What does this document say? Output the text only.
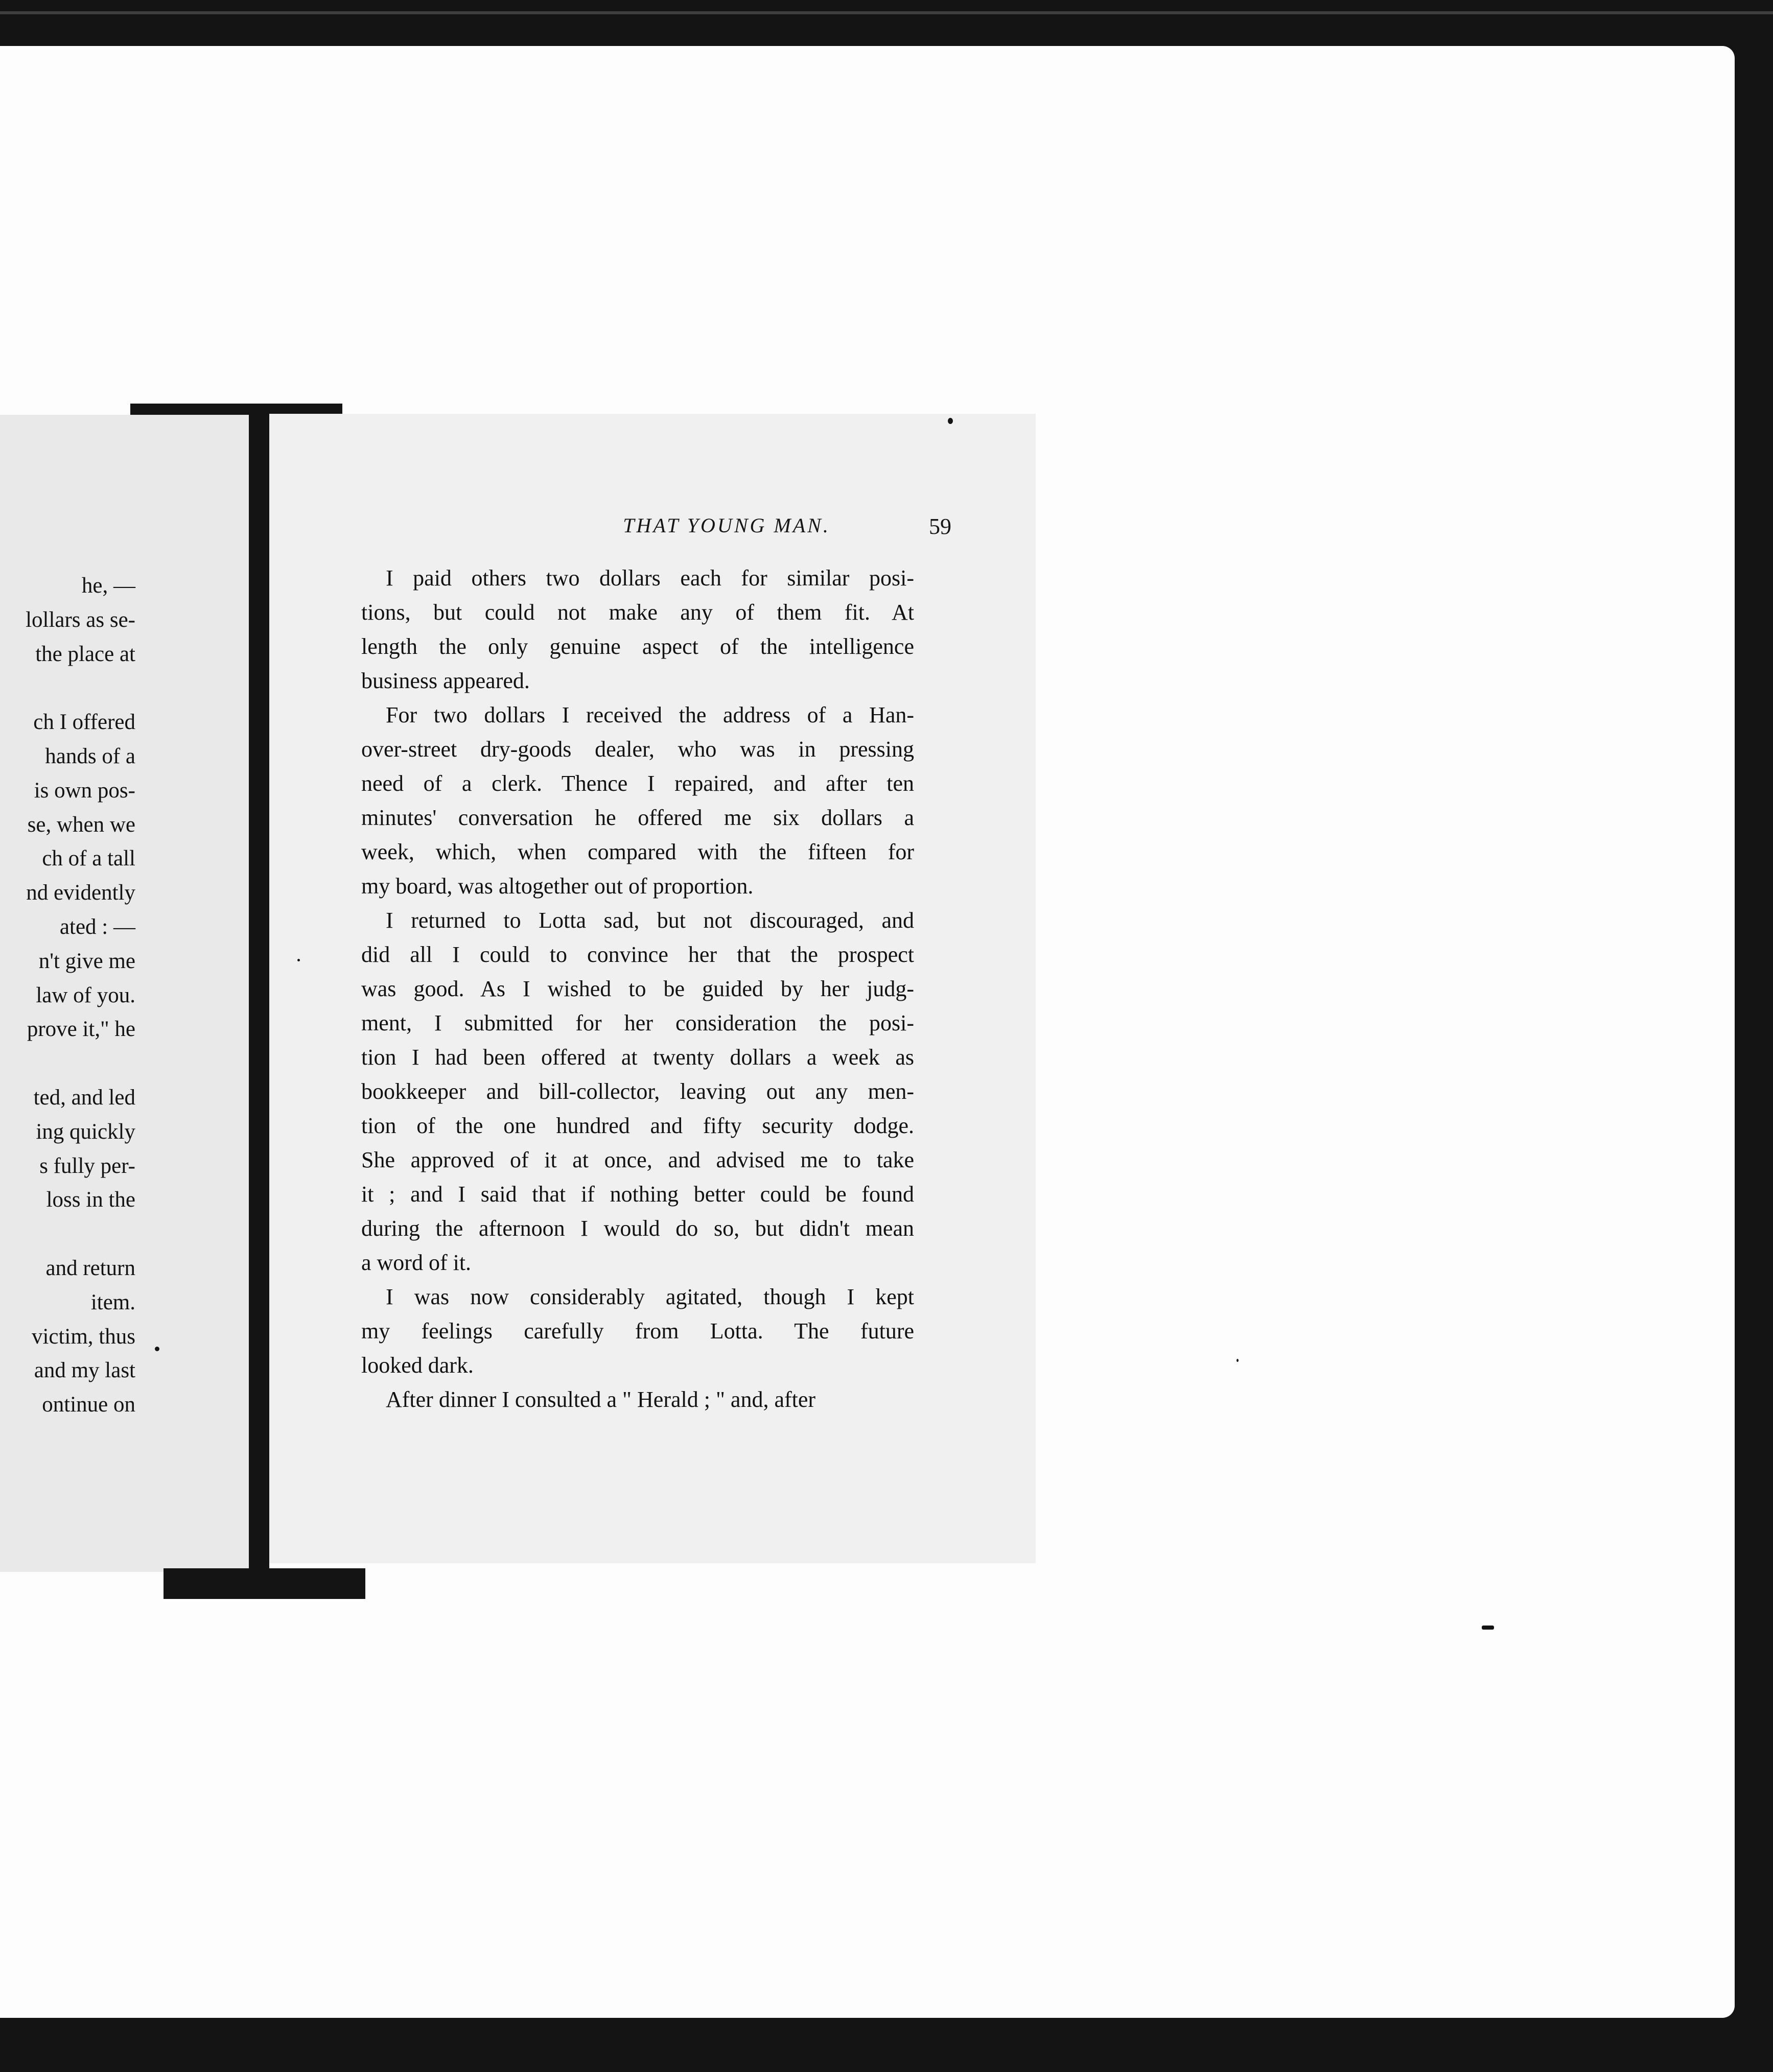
he, —
lollars as se-
the place at
ch I offered
hands of a
is own pos-
se, when we
ch of a tall
nd evidently
ated : —
n't give me
law of you.
prove it," he
ted, and led
ing quickly
s fully per-
loss in the
and return
item.
victim, thus
and my last
ontinue on
THAT YOUNG MAN.	59
I paid others two dollars each for similar posi-
tions, but could not make any of them fit. At
length the only genuine aspect of the intelligence
business appeared.
For two dollars I received the address of a Han-
over-street dry-goods dealer, who was in pressing
need of a clerk. Thence I repaired, and after ten
minutes' conversation he offered me six dollars a
week, which, when compared with the fifteen for
my board, was altogether out of proportion.
I returned to Lotta sad, but not discouraged, and
did all I could to convince her that the prospect
was good. As I wished to be guided by her judg-
ment, I submitted for her consideration the posi-
tion I had been offered at twenty dollars a week as
bookkeeper and bill-collector, leaving out any men-
tion of the one hundred and fifty security dodge.
She approved of it at once, and advised me to take
it ; and I said that if nothing better could be found
during the afternoon I would do so, but didn't mean
a word of it.
I was now considerably agitated, though I kept
my feelings carefully from Lotta. The future
looked dark.
After dinner I consulted a " Herald ; " and, after
